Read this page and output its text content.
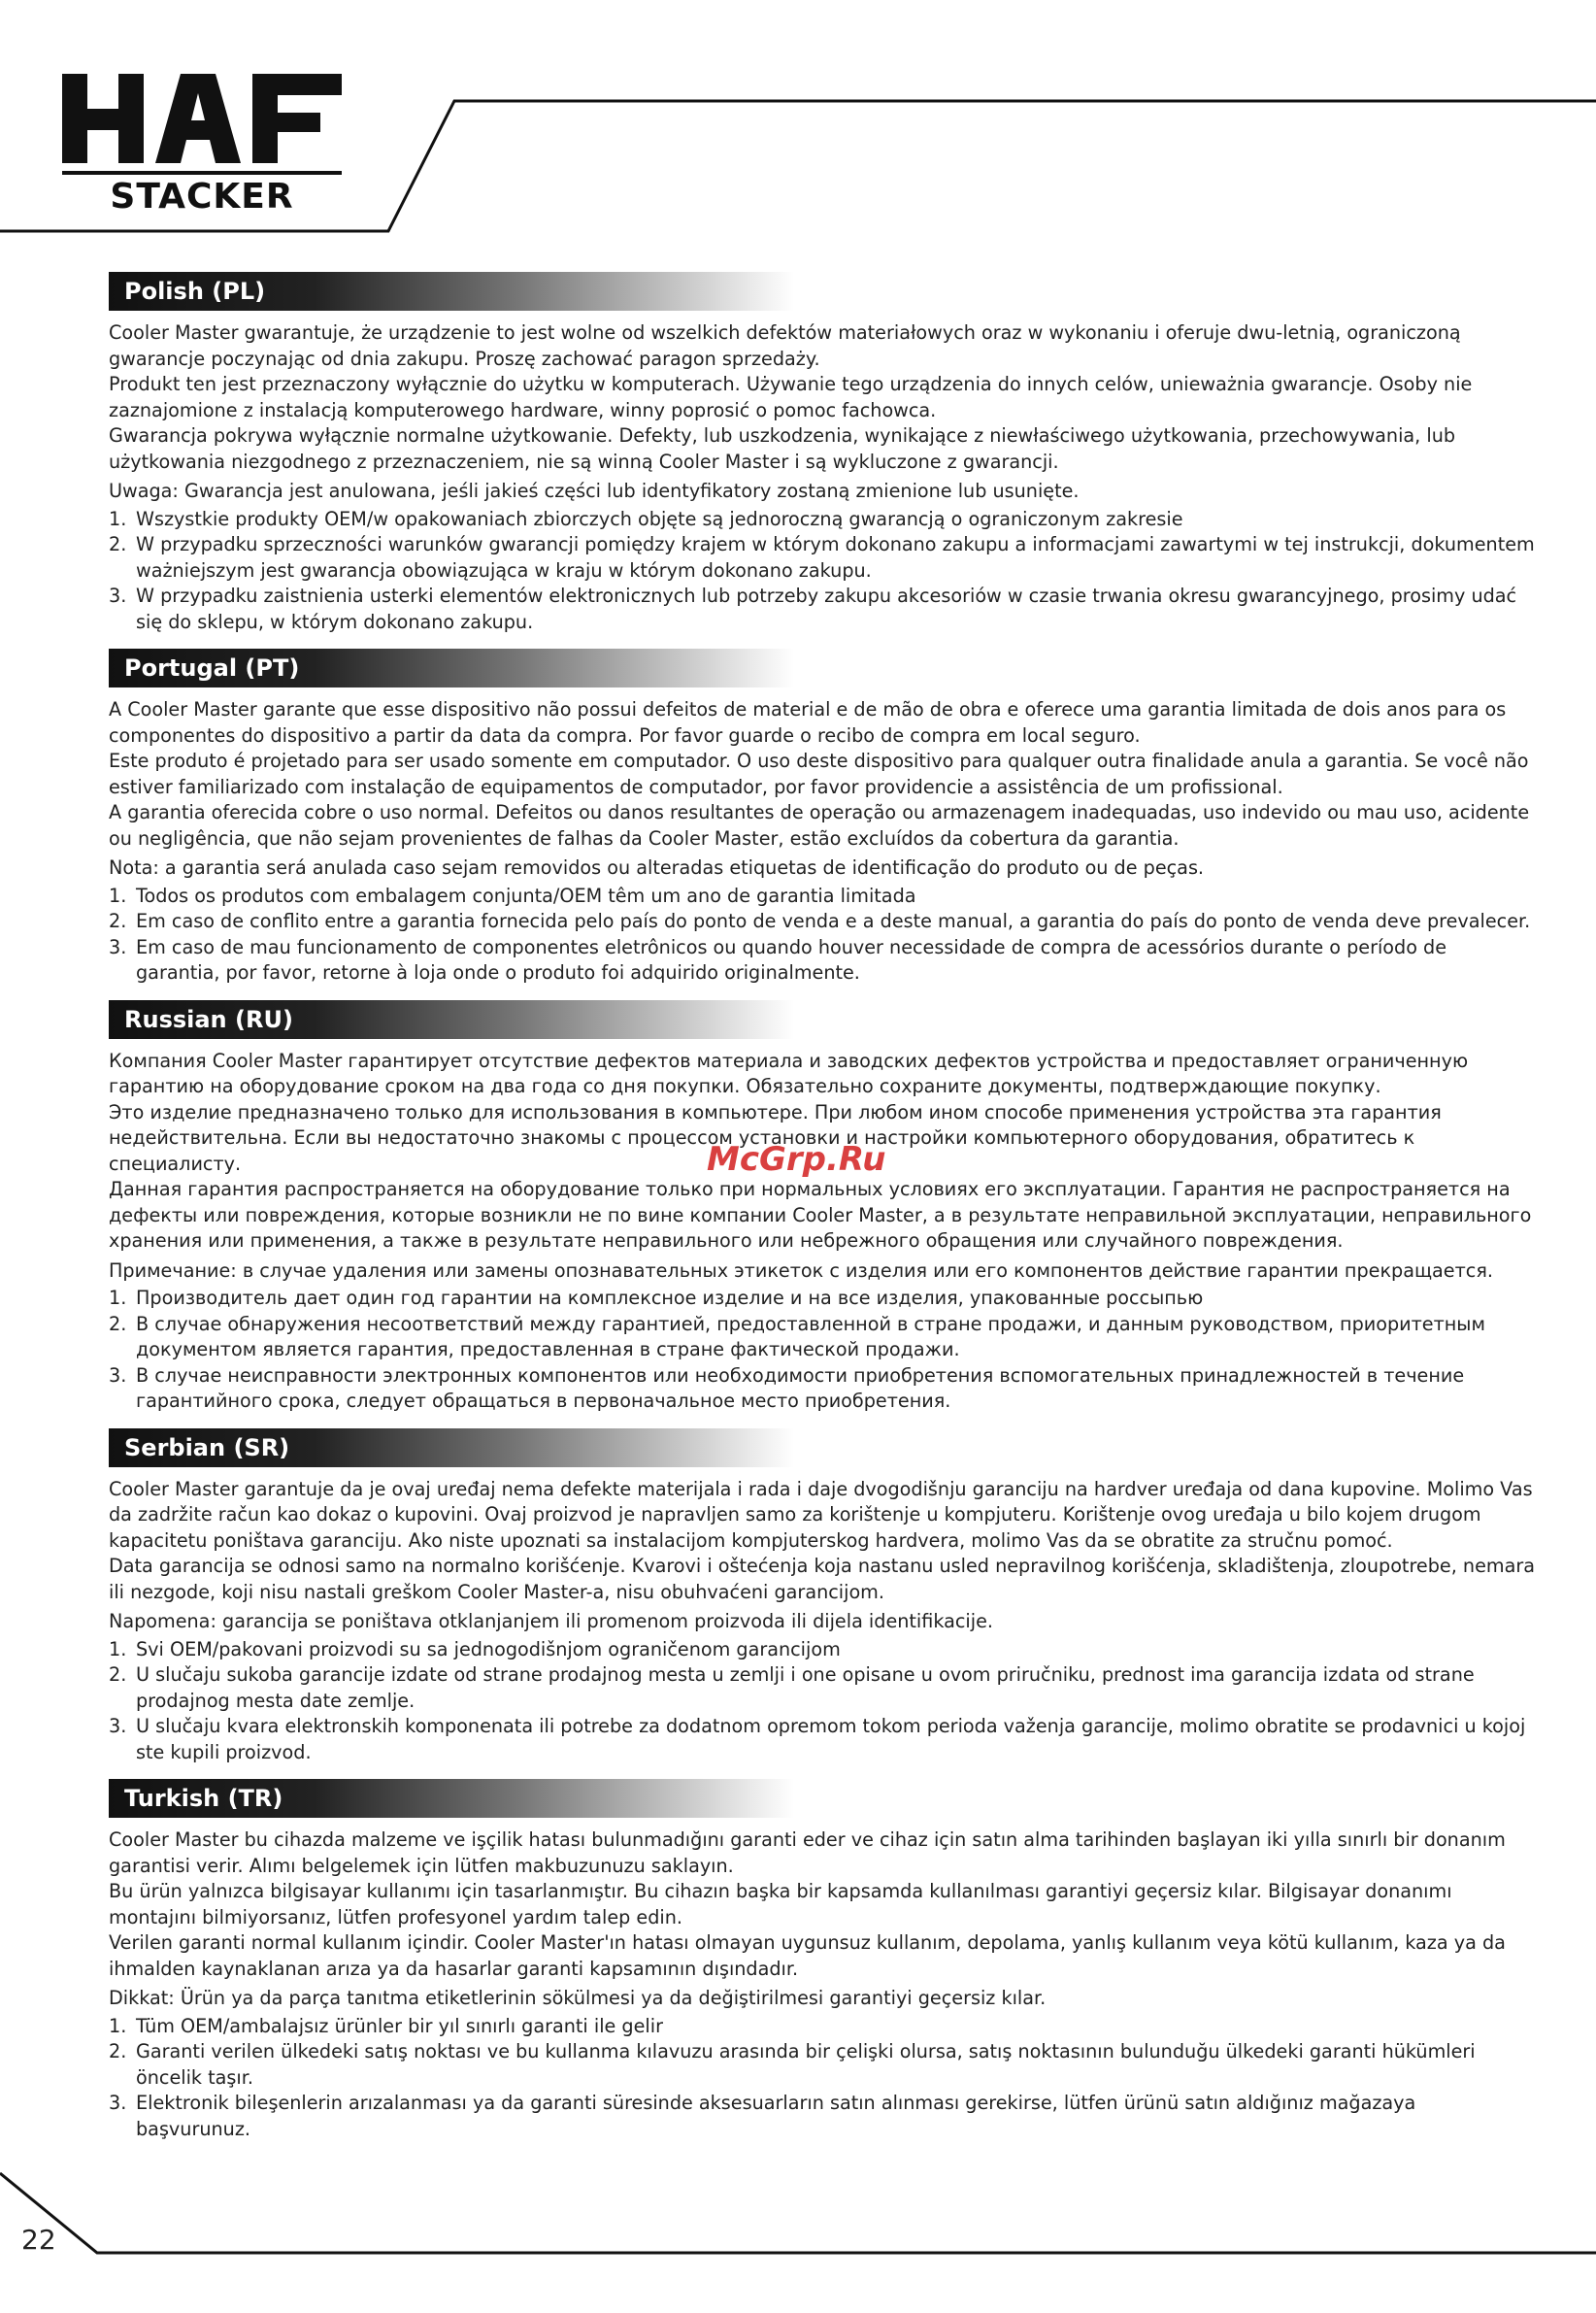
STACKER
Polish (PL)

Cooler Master gwarantuje, że urządzenie to jest wolne od wszelkich defektów materiałowych oraz w wykonaniu i oferuje dwu-letnią, ograniczoną gwarancje poczynając od dnia zakupu. Proszę zachować paragon sprzedaży.

Produkt ten jest przeznaczony wyłącznie do użytku w komputerach. Używanie tego urządzenia do innych celów, unieważnia gwarancje. Osoby nie zaznajomione z instalacją komputerowego hardware, winny poprosić o pomoc fachowca.

Gwarancja pokrywa wyłącznie normalne użytkowanie. Defekty, lub uszkodzenia, wynikające z niewłaściwego użytkowania, przechowywania, lub użytkowania niezgodnego z przeznaczeniem, nie są winną Cooler Master i są wykluczone z gwarancji.

Uwaga: Gwarancja jest anulowana, jeśli jakieś części lub identyfikatory zostaną zmienione lub usunięte.

1. Wszystkie produkty OEM/w opakowaniach zbiorczych objęte są jednoroczną gwarancją o ograniczonym zakresie
2. W przypadku sprzeczności warunków gwarancji pomiędzy krajem w którym dokonano zakupu a informacjami zawartymi w tej instrukcji, dokumentem ważniejszym jest gwarancja obowiązująca w kraju w którym dokonano zakupu.
3. W przypadku zaistnienia usterki elementów elektronicznych lub potrzeby zakupu akcesoriów w czasie trwania okresu gwarancyjnego, prosimy udać się do sklepu, w którym dokonano zakupu.
Portugal (PT)

A Cooler Master garante que esse dispositivo não possui defeitos de material e de mão de obra e oferece uma garantia limitada de dois anos para os componentes do dispositivo a partir da data da compra. Por favor guarde o recibo de compra em local seguro.

Este produto é projetado para ser usado somente em computador. O uso deste dispositivo para qualquer outra finalidade anula a garantia. Se você não estiver familiarizado com instalação de equipamentos de computador, por favor providencie a assistência de um profissional.

A garantia oferecida cobre o uso normal. Defeitos ou danos resultantes de operação ou armazenagem inadequadas, uso indevido ou mau uso, acidente ou negligência, que não sejam provenientes de falhas da Cooler Master, estão excluídos da cobertura da garantia.

Nota: a garantia será anulada caso sejam removidos ou alteradas etiquetas de identificação do produto ou de peças.

1. Todos os produtos com embalagem conjunta/OEM têm um ano de garantia limitada
2. Em caso de conflito entre a garantia fornecida pelo país do ponto de venda e a deste manual, a garantia do país do ponto de venda deve prevalecer.
3. Em caso de mau funcionamento de componentes eletrônicos ou quando houver necessidade de compra de acessórios durante o período de garantia, por favor, retorne à loja onde o produto foi adquirido originalmente.
Russian (RU)

Компания Cooler Master гарантирует отсутствие дефектов материала и заводских дефектов устройства и предоставляет ограниченную гарантию на оборудование сроком на два года со дня покупки. Обязательно сохраните документы, подтверждающие покупку.

Это изделие предназначено только для использования в компьютере. При любом ином способе применения устройства эта гарантия недействительна. Если вы недостаточно знакомы с процессом установки и настройки компьютерного оборудования, обратитесь к специалисту.

Данная гарантия распространяется на оборудование только при нормальных условиях его эксплуатации. Гарантия не распространяется на дефекты или повреждения, которые возникли не по вине компании Cooler Master, а в результате неправильной эксплуатации, неправильного хранения или применения, а также в результате неправильного или небрежного обращения или случайного повреждения.

Примечание: в случае удаления или замены опознавательных этикеток с изделия или его компонентов действие гарантии прекращается.

1. Производитель дает один год гарантии на комплексное изделие и на все изделия, упакованные россыпью
2. В случае обнаружения несоответствий между гарантией, предоставленной в стране продажи, и данным руководством, приоритетным документом является гарантия, предоставленная в стране фактической продажи.
3. В случае неисправности электронных компонентов или необходимости приобретения вспомогательных принадлежностей в течение гарантийного срока, следует обращаться в первоначальное место приобретения.
Serbian (SR)

Cooler Master garantuje da je ovaj uređaj nema defekte materijala i rada i daje dvogodišnju garanciju na hardver uređaja od dana kupovine. Molimo Vas da zadržite račun kao dokaz o kupovini. Ovaj proizvod je napravljen samo za korištenje u kompjuteru. Korištenje ovog uređaja u bilo kojem drugom kapacitetu poništava garanciju. Ako niste upoznati sa instalacijom kompjuterskog hardvera, molimo Vas da se obratite za stručnu pomoć.

Data garancija se odnosi samo na normalno korišćenje. Kvarovi i oštećenja koja nastanu usled nepravilnog korišćenja, skladištenja, zloupotrebe, nemara ili nezgode, koji nisu nastali greškom Cooler Master-a, nisu obuhvaćeni garancijom.

Napomena: garancija se poništava otklanjanjem ili promenom proizvoda ili dijela identifikacije.

1. Svi OEM/pakovani proizvodi su sa jednogodišnjom ograničenom garancijom
2. U slučaju sukoba garancije izdate od strane prodajnog mesta u zemlji i one opisane u ovom priručniku, prednost ima garancija izdata od strane prodajnog mesta date zemlje.
3. U slučaju kvara elektronskih komponenata ili potrebe za dodatnom opremom tokom perioda važenja garancije, molimo obratite se prodavnici u kojoj ste kupili proizvod.
Turkish (TR)

Cooler Master bu cihazda malzeme ve işçilik hatası bulunmadığını garanti eder ve cihaz için satın alma tarihinden başlayan iki yılla sınırlı bir donanım garantisi verir. Alımı belgelemek için lütfen makbuzunuzu saklayın.

Bu ürün yalnızca bilgisayar kullanımı için tasarlanmıştır. Bu cihazın başka bir kapsamda kullanılması garantiyi geçersiz kılar. Bilgisayar donanımı montajını bilmiyorsanız, lütfen profesyonel yardım talep edin.

Verilen garanti normal kullanım içindir. Cooler Master'ın hatası olmayan uygunsuz kullanım, depolama, yanlış kullanım veya kötü kullanım, kaza ya da ihmalden kaynaklanan arıza ya da hasarlar garanti kapsamının dışındadır.

Dikkat: Ürün ya da parça tanıtma etiketlerinin sökülmesi ya da değiştirilmesi garantiyi geçersiz kılar.

1. Tüm OEM/ambalajsız ürünler bir yıl sınırlı garanti ile gelir
2. Garanti verilen ülkedeki satış noktası ve bu kullanma kılavuzu arasında bir çelişki olursa, satış noktasının bulunduğu ülkedeki garanti hükümleri öncelik taşır.
3. Elektronik bileşenlerin arızalanması ya da garanti süresinde aksesuarların satın alınması gerekirse, lütfen ürünü satın aldığınız mağazaya başvurunuz.
McGrp.Ru
22
